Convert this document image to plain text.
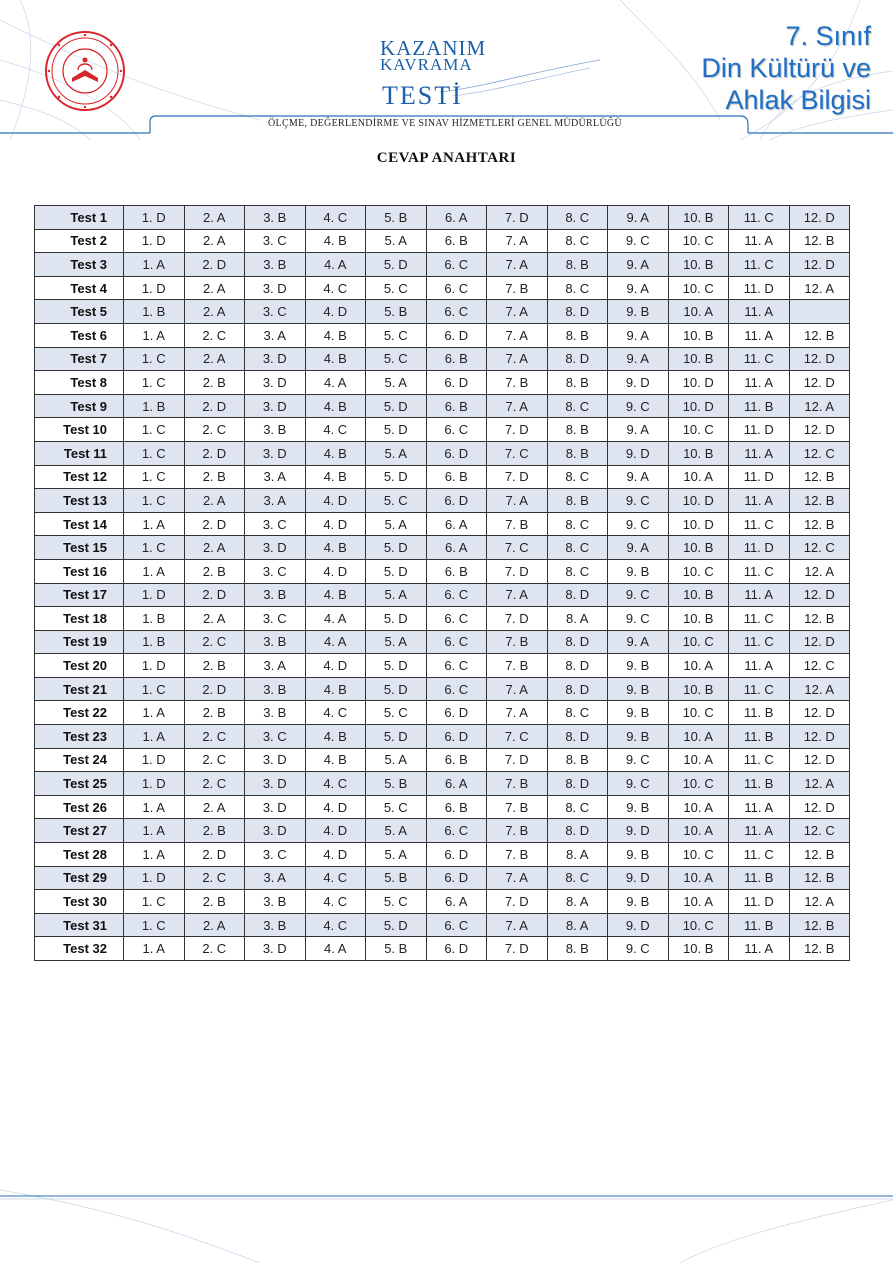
KAZANIM
KAVRAMA
TESTİ
7. Sınıf
Din Kültürü ve
Ahlak Bilgisi
ÖLÇME, DEĞERLENDİRME VE SINAV HİZMETLERİ GENEL MÜDÜRLÜĞÜ
CEVAP ANAHTARI
Test 1	1. D	2. A	3. B	4. C	5. B	6. A	7. D	8. C	9. A	10. B	11. C	12. D
Test 2	1. D	2. A	3. C	4. B	5. A	6. B	7. A	8. C	9. C	10. C	11. A	12. B
Test 3	1. A	2. D	3. B	4. A	5. D	6. C	7. A	8. B	9. A	10. B	11. C	12. D
Test 4	1. D	2. A	3. D	4. C	5. C	6. C	7. B	8. C	9. A	10. C	11. D	12. A
Test 5	1. B	2. A	3. C	4. D	5. B	6. C	7. A	8. D	9. B	10. A	11. A	
Test 6	1. A	2. C	3. A	4. B	5. C	6. D	7. A	8. B	9. A	10. B	11. A	12. B
Test 7	1. C	2. A	3. D	4. B	5. C	6. B	7. A	8. D	9. A	10. B	11. C	12. D
Test 8	1. C	2. B	3. D	4. A	5. A	6. D	7. B	8. B	9. D	10. D	11. A	12. D
Test 9	1. B	2. D	3. D	4. B	5. D	6. B	7. A	8. C	9. C	10. D	11. B	12. A
Test 10	1. C	2. C	3. B	4. C	5. D	6. C	7. D	8. B	9. A	10. C	11. D	12. D
Test 11	1. C	2. D	3. D	4. B	5. A	6. D	7. C	8. B	9. D	10. B	11. A	12. C
Test 12	1. C	2. B	3. A	4. B	5. D	6. B	7. D	8. C	9. A	10. A	11. D	12. B
Test 13	1. C	2. A	3. A	4. D	5. C	6. D	7. A	8. B	9. C	10. D	11. A	12. B
Test 14	1. A	2. D	3. C	4. D	5. A	6. A	7. B	8. C	9. C	10. D	11. C	12. B
Test 15	1. C	2. A	3. D	4. B	5. D	6. A	7. C	8. C	9. A	10. B	11. D	12. C
Test 16	1. A	2. B	3. C	4. D	5. D	6. B	7. D	8. C	9. B	10. C	11. C	12. A
Test 17	1. D	2. D	3. B	4. B	5. A	6. C	7. A	8. D	9. C	10. B	11. A	12. D
Test 18	1. B	2. A	3. C	4. A	5. D	6. C	7. D	8. A	9. C	10. B	11. C	12. B
Test 19	1. B	2. C	3. B	4. A	5. A	6. C	7. B	8. D	9. A	10. C	11. C	12. D
Test 20	1. D	2. B	3. A	4. D	5. D	6. C	7. B	8. D	9. B	10. A	11. A	12. C
Test 21	1. C	2. D	3. B	4. B	5. D	6. C	7. A	8. D	9. B	10. B	11. C	12. A
Test 22	1. A	2. B	3. B	4. C	5. C	6. D	7. A	8. C	9. B	10. C	11. B	12. D
Test 23	1. A	2. C	3. C	4. B	5. D	6. D	7. C	8. D	9. B	10. A	11. B	12. D
Test 24	1. D	2. C	3. D	4. B	5. A	6. B	7. D	8. B	9. C	10. A	11. C	12. D
Test 25	1. D	2. C	3. D	4. C	5. B	6. A	7. B	8. D	9. C	10. C	11. B	12. A
Test 26	1. A	2. A	3. D	4. D	5. C	6. B	7. B	8. C	9. B	10. A	11. A	12. D
Test 27	1. A	2. B	3. D	4. D	5. A	6. C	7. B	8. D	9. D	10. A	11. A	12. C
Test 28	1. A	2. D	3. C	4. D	5. A	6. D	7. B	8. A	9. B	10. C	11. C	12. B
Test 29	1. D	2. C	3. A	4. C	5. B	6. D	7. A	8. C	9. D	10. A	11. B	12. B
Test 30	1. C	2. B	3. B	4. C	5. C	6. A	7. D	8. A	9. B	10. A	11. D	12. A
Test 31	1. C	2. A	3. B	4. C	5. D	6. C	7. A	8. A	9. D	10. C	11. B	12. B
Test 32	1. A	2. C	3. D	4. A	5. B	6. D	7. D	8. B	9. C	10. B	11. A	12. B
